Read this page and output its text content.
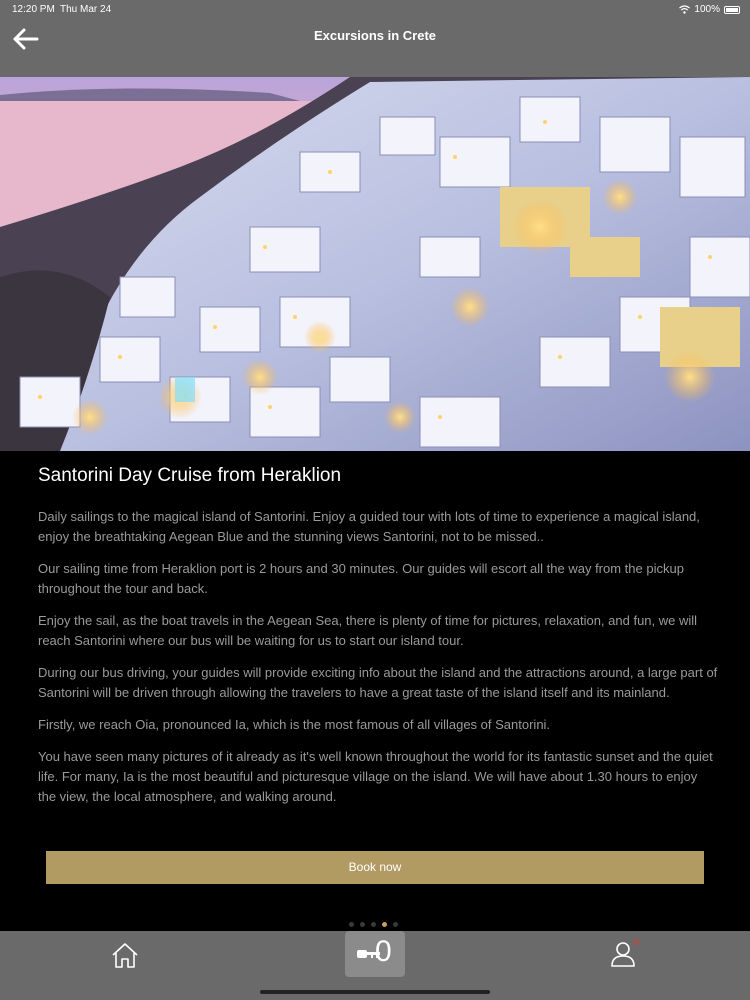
12:20 PM Thu Mar 24	100%
Excursions in Crete
Santorini Day Cruise from Heraklion

Daily sailings to the magical island of Santorini. Enjoy a guided tour with lots of time to experience a magical island, enjoy the breathtaking Aegean Blue and the stunning views Santorini, not to be missed..

Our sailing time from Heraklion port is 2 hours and 30 minutes. Our guides will escort all the way from the pickup throughout the tour and back.

Enjoy the sail, as the boat travels in the Aegean Sea, there is plenty of time for pictures, relaxation, and fun, we will reach Santorini where our bus will be waiting for us to start our island tour.

During our bus driving, your guides will provide exciting info about the island and the attractions around, a large part of Santorini will be driven through allowing the travelers to have a great taste of the island itself and its mainland.

Firstly, we reach Oia, pronounced Ia, which is the most famous of all villages of Santorini.

You have seen many pictures of it already as it's well known throughout the world for its fantastic sunset and the quiet life. For many, Ia is the most beautiful and picturesque village on the island. We will have about 1.30 hours to enjoy the view, the local atmosphere, and walking around.

Book now
0	0
